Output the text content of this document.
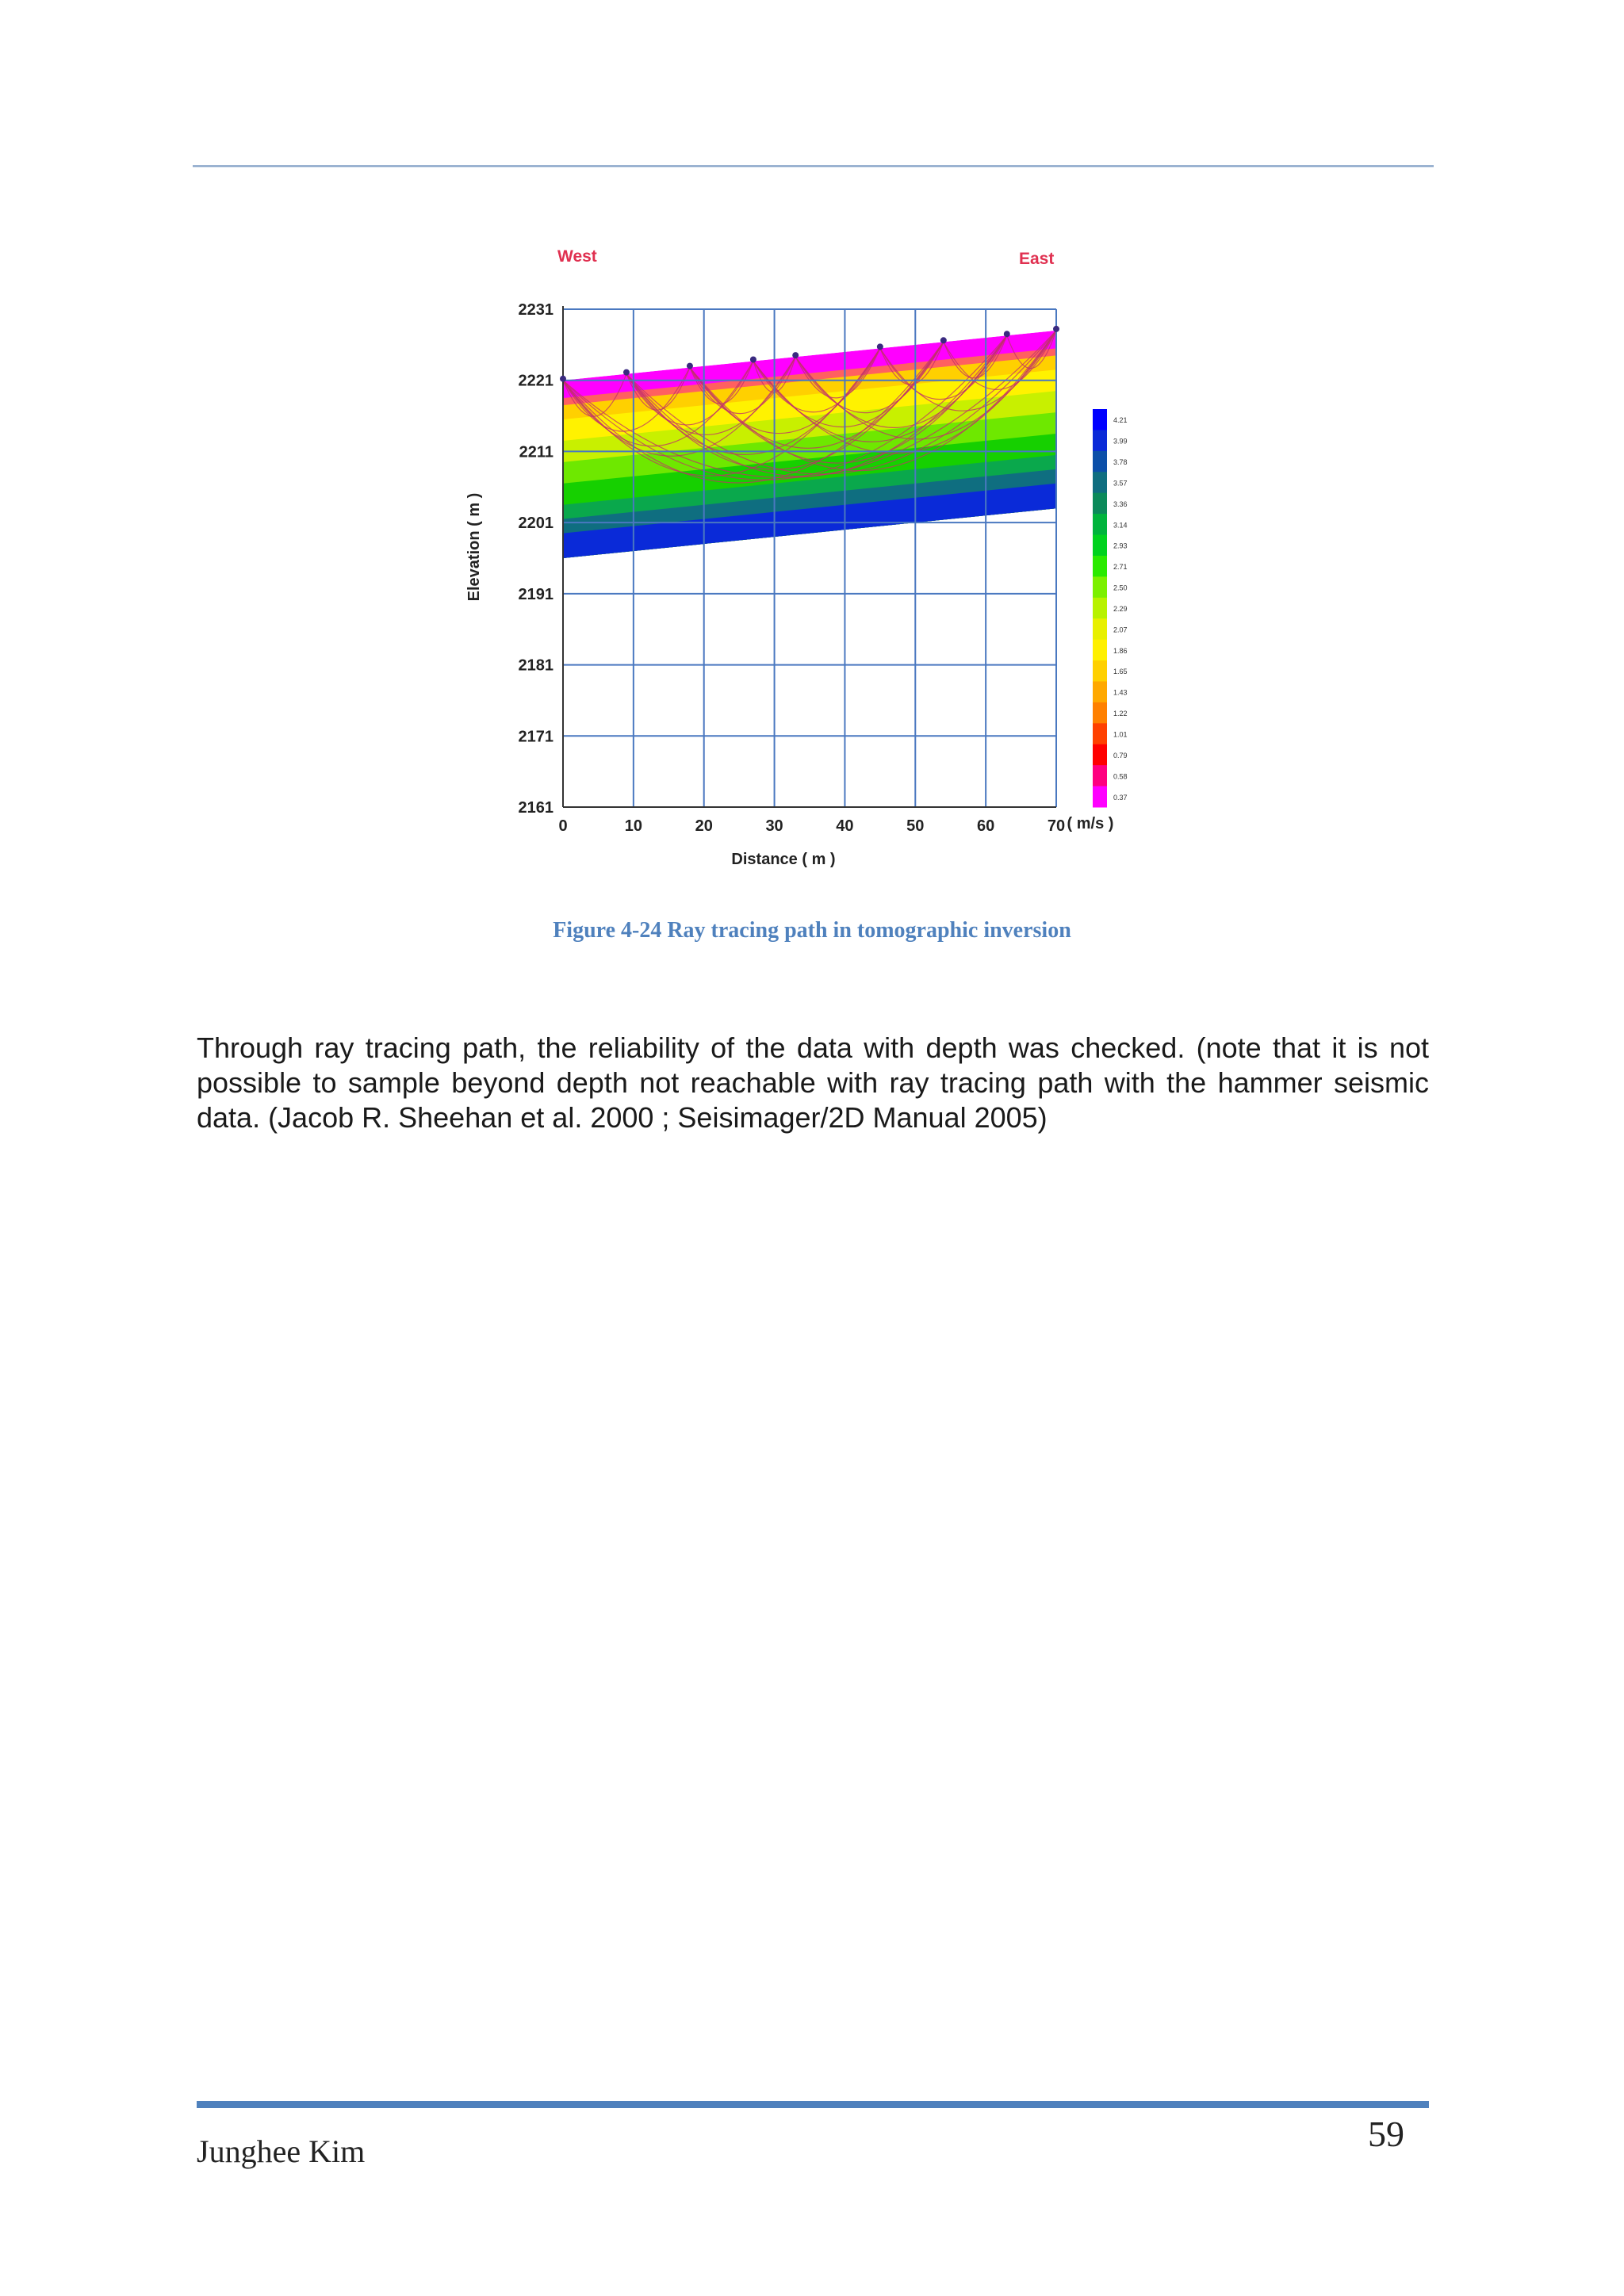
0	10	20	30	40	50	60	70
2231
2221
2211
2201
2191
2181
2171
2161
4.21
3.99
3.78
3.57
3.36
3.14
2.93
2.71
2.50
2.29
2.07
1.86
1.65
1.43
1.22
1.01
0.79
0.58
0.37
West	East
Distance ( m )
Elevation ( m )
( m/s )
Figure 4-24 Ray tracing path in tomographic inversion

Through ray tracing path, the reliability of the data with depth was checked. (note that it is not possible to sample beyond depth not reachable with ray tracing path with the hammer seismic data. (Jacob R. Sheehan et al. 2000 ; Seisimager/2D Manual 2005)

Junghee Kim	59
